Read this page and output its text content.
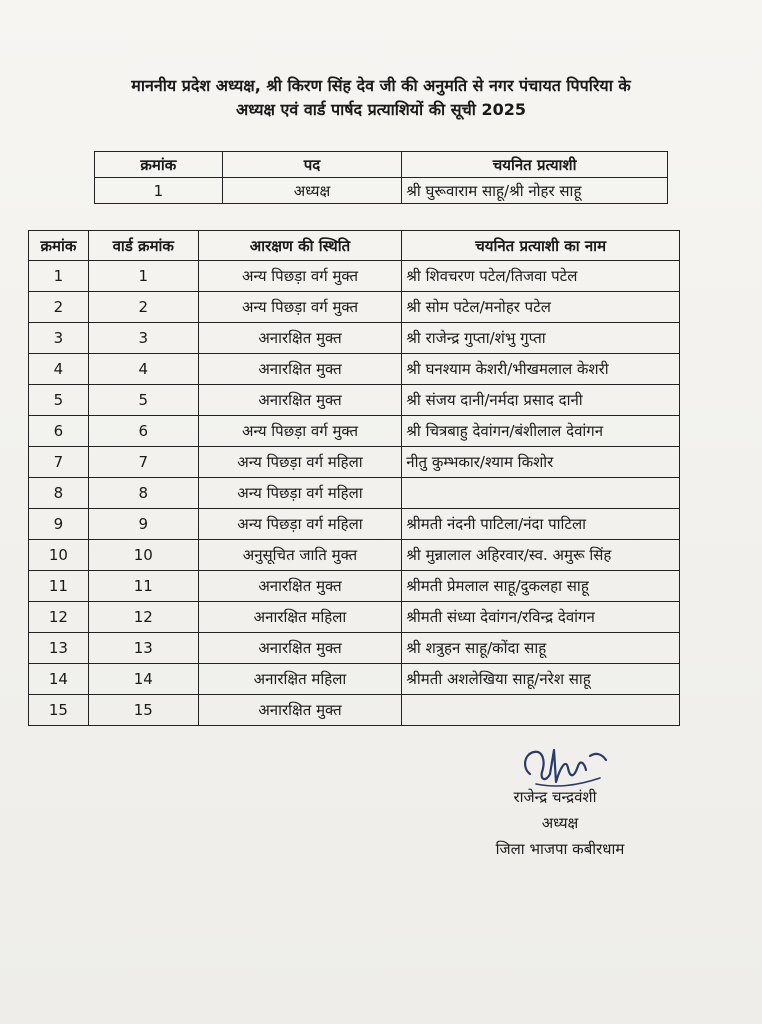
माननीय प्रदेश अध्यक्ष, श्री किरण सिंह देव जी की अनुमति से नगर पंचायत पिपरिया के
अध्यक्ष एवं वार्ड पार्षद प्रत्याशियों की सूची 2025
क्रमांक	पद	चयनित प्रत्याशी
1	अध्यक्ष	श्री घुरूवाराम साहू/श्री नोहर साहू
क्रमांक	वार्ड क्रमांक	आरक्षण की स्थिति	चयनित प्रत्याशी का नाम
1	1	अन्य पिछड़ा वर्ग मुक्त	श्री शिवचरण पटेल/तिजवा पटेल
2	2	अन्य पिछड़ा वर्ग मुक्त	श्री सोम पटेल/मनोहर पटेल
3	3	अनारक्षित मुक्त	श्री राजेन्द्र गुप्ता/शंभु गुप्ता
4	4	अनारक्षित मुक्त	श्री घनश्याम केशरी/भीखमलाल केशरी
5	5	अनारक्षित मुक्त	श्री संजय दानी/नर्मदा प्रसाद दानी
6	6	अन्य पिछड़ा वर्ग मुक्त	श्री चित्रबाहु देवांगन/बंशीलाल देवांगन
7	7	अन्य पिछड़ा वर्ग महिला	नीतु कुम्भकार/श्याम किशोर
8	8	अन्य पिछड़ा वर्ग महिला	
9	9	अन्य पिछड़ा वर्ग महिला	श्रीमती नंदनी पाटिला/नंदा पाटिला
10	10	अनुसूचित जाति मुक्त	श्री मुन्नालाल अहिरवार/स्व. अमुरू सिंह
11	11	अनारक्षित मुक्त	श्रीमती प्रेमलाल साहू/दुकलहा साहू
12	12	अनारक्षित महिला	श्रीमती संध्या देवांगन/रविन्द्र देवांगन
13	13	अनारक्षित मुक्त	श्री शत्रुहन साहू/कोंदा साहू
14	14	अनारक्षित महिला	श्रीमती अशलेखिया साहू/नरेश साहू
15	15	अनारक्षित मुक्त	
राजेन्द्र चन्द्रवंशी
अध्यक्ष
जिला भाजपा कबीरधाम
